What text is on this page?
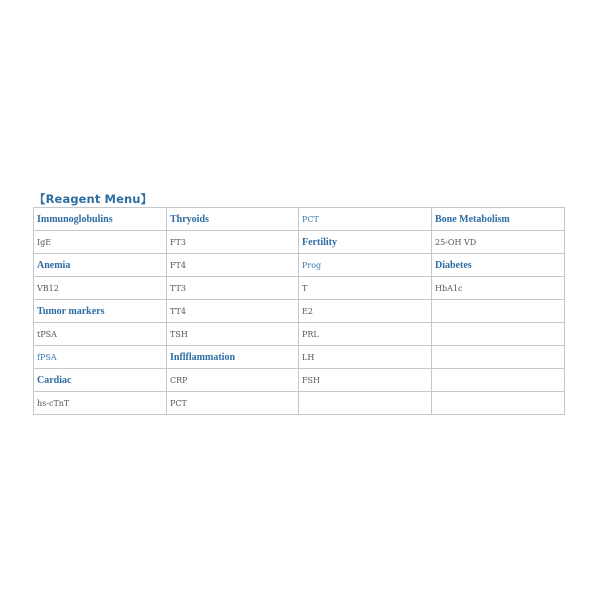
【Reagent Menu】
Immunoglobulins	Thryoids	PCT	Bone Metabolism
IgE	FT3	Fertility	25-OH VD
Anemia	FT4	Prog	Diabetes
VB12	TT3	T	HbA1c
Tumor markers	TT4	E2	
tPSA	TSH	PRL	
fPSA	Inflflammation	LH	
Cardiac	CRP	FSH	
hs-cTnT	PCT		
